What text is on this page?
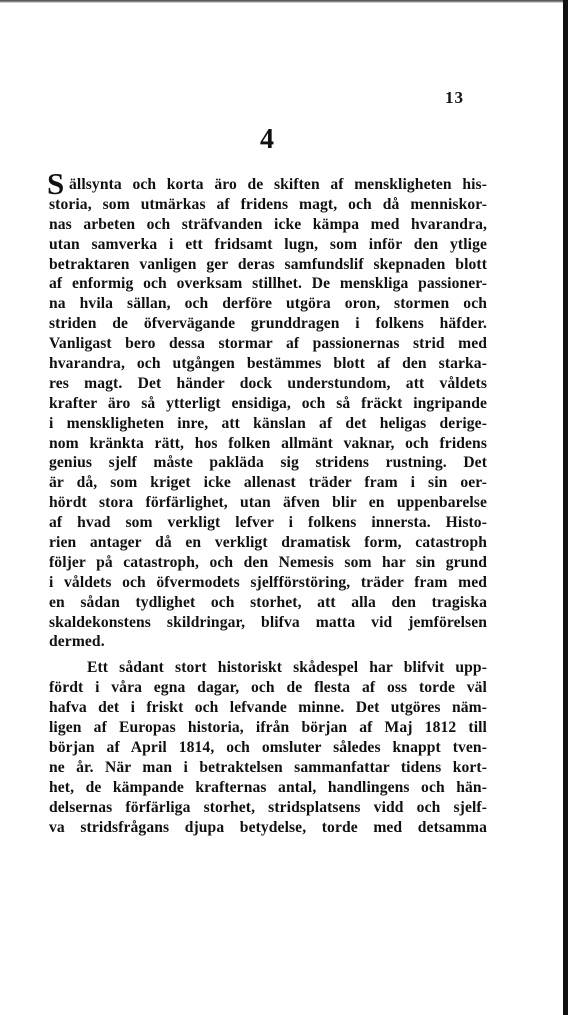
13
4
S ällsynta och korta äro de skiften af menskligheten his-
storia, som utmärkas af fridens magt, och då menniskor-
nas arbeten och sträfvanden icke kämpa med hvarandra,
utan samverka i ett fridsamt lugn, som inför den ytlige
betraktaren vanligen ger deras samfundslif skepnaden blott
af enformig och overksam stillhet. De menskliga passioner-
na hvila sällan, och derföre utgöra oron, stormen och
striden de öfvervägande grunddragen i folkens häfder.
Vanligast bero dessa stormar af passionernas strid med
hvarandra, och utgången bestämmes blott af den starka-
res magt. Det händer dock understundom, att våldets
krafter äro så ytterligt ensidiga, och så fräckt ingripande
i menskligheten inre, att känslan af det heligas derige-
nom kränkta rätt, hos folken allmänt vaknar, och fridens
genius sjelf måste pakläda sig stridens rustning. Det
är då, som kriget icke allenast träder fram i sin oer-
hördt stora förfärlighet, utan äfven blir en uppenbarelse
af hvad som verkligt lefver i folkens innersta. Histo-
rien antager då en verkligt dramatisk form, catastroph
följer på catastroph, och den Nemesis som har sin grund
i våldets och öfvermodets sjelfförstöring, träder fram med
en sådan tydlighet och storhet, att alla den tragiska
skaldekonstens skildringar, blifva matta vid jemförelsen
dermed.
Ett sådant stort historiskt skådespel har blifvit upp-
fördt i våra egna dagar, och de flesta af oss torde väl
hafva det i friskt och lefvande minne. Det utgöres näm-
ligen af Europas historia, ifrån början af Maj 1812 till
början af April 1814, och omsluter således knappt tven-
ne år. När man i betraktelsen sammanfattar tidens kort-
het, de kämpande krafternas antal, handlingens och hän-
delsernas förfärliga storhet, stridsplatsens vidd och sjelf-
va stridsfrågans djupa betydelse, torde med detsamma
